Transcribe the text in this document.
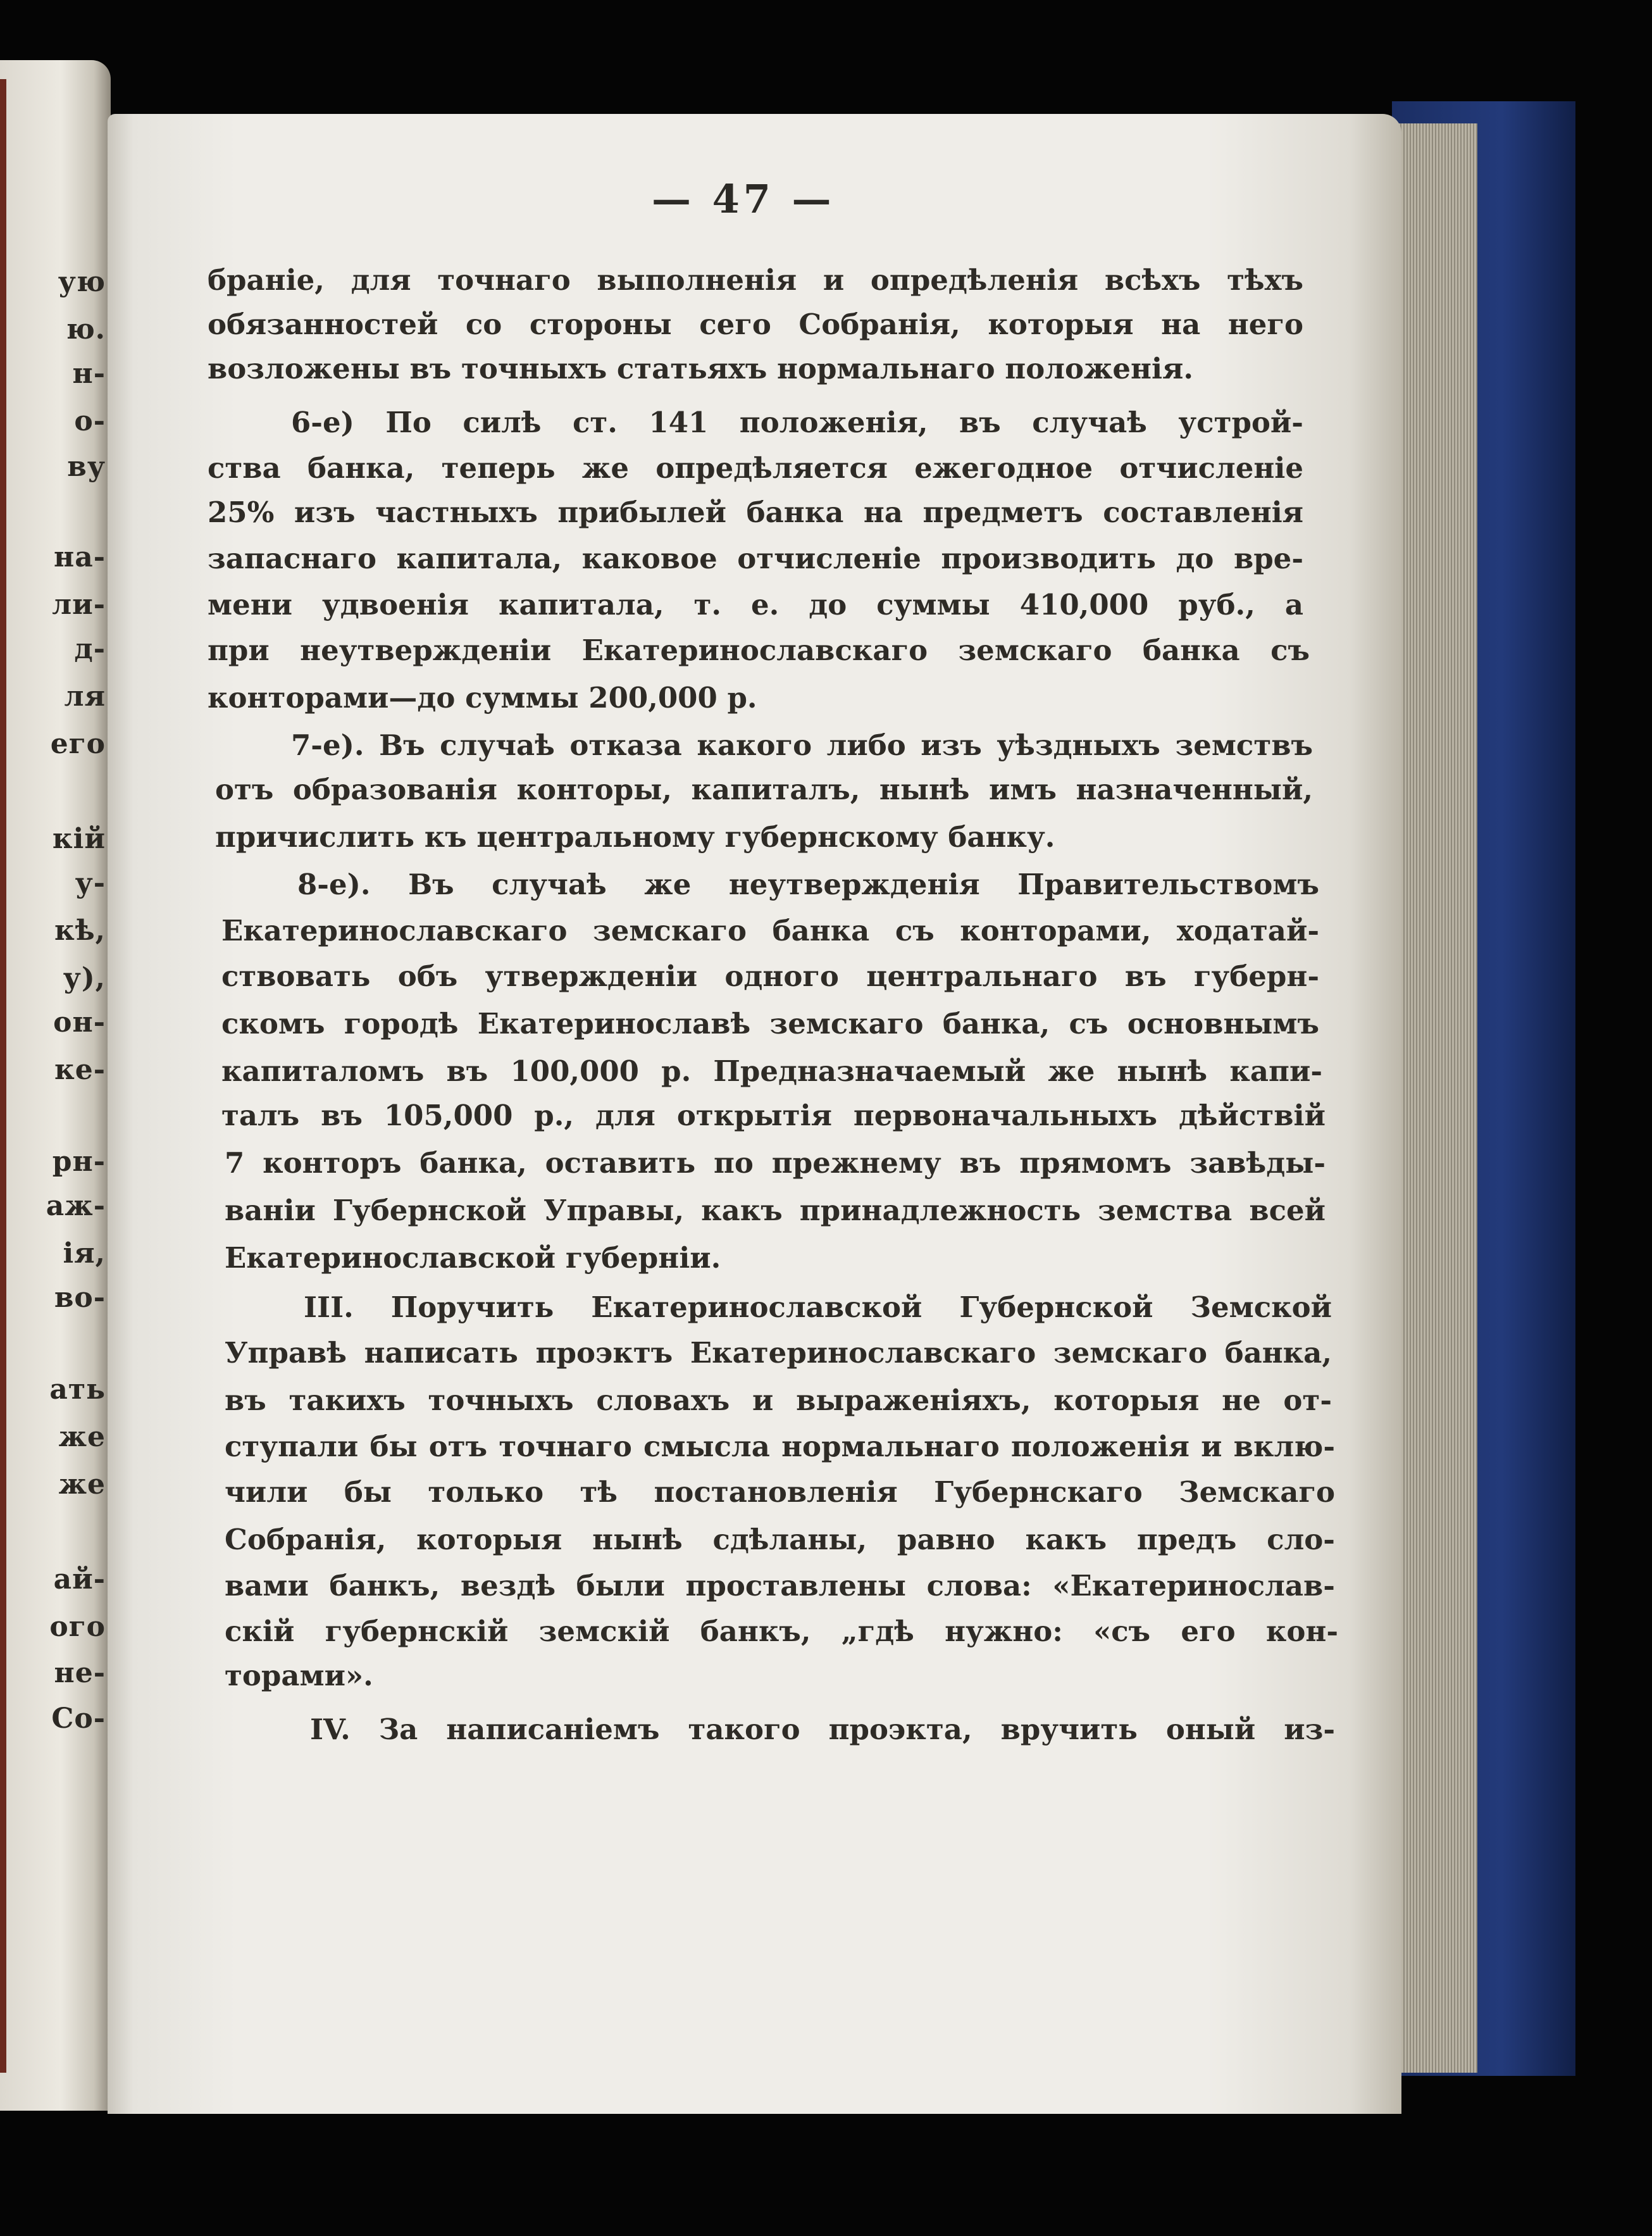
ую
ю.
н-
о-
ву
на-
ли-
д-
ля
его
кій
у-
кѣ,
у),
он-
ке-
рн-
аж-
ія,
во-
ать
же
же
ай-
ого
не-
Со-
— 47 —
браніе, для точнаго выполненія и опредѣленія всѣхъ тѣхъ
обязанностей со стороны сего Собранія, которыя на него
возложены въ точныхъ статьяхъ нормальнаго положенія.
6-е) По силѣ ст. 141 положенія, въ случаѣ устрой-
ства банка, теперь же опредѣляется ежегодное отчисленіе
25% изъ частныхъ прибылей банка на предметъ составленія
запаснаго капитала, каковое отчисленіе производить до вре-
мени удвоенія капитала, т. е. до суммы 410,000 руб., а
при неутвержденіи Екатеринославскаго земскаго банка съ
конторами—до суммы 200,000 р.
7-е). Въ случаѣ отказа какого либо изъ уѣздныхъ земствъ
отъ образованія конторы, капиталъ, нынѣ имъ назначенный,
причислить къ центральному губернскому банку.
8-е). Въ случаѣ же неутвержденія Правительствомъ
Екатеринославскаго земскаго банка съ конторами, ходатай-
ствовать объ утвержденіи одного центральнаго въ губерн-
скомъ городѣ Екатеринославѣ земскаго банка, съ основнымъ
капиталомъ въ 100,000 р. Предназначаемый же нынѣ капи-
талъ въ 105,000 р., для открытія первоначальныхъ дѣйствій
7 конторъ банка, оставить по прежнему въ прямомъ завѣды-
ваніи Губернской Управы, какъ принадлежность земства всей
Екатеринославской губерніи.
III. Поручить Екатеринославской Губернской Земской
Управѣ написать проэктъ Екатеринославскаго земскаго банка,
въ такихъ точныхъ словахъ и выраженіяхъ, которыя не от-
ступали бы отъ точнаго смысла нормальнаго положенія и вклю-
чили бы только тѣ постановленія Губернскаго Земскаго
Собранія, которыя нынѣ сдѣланы, равно какъ предъ сло-
вами банкъ, вездѣ были проставлены слова: «Екатеринослав-
скій губернскій земскій банкъ, „гдѣ нужно: «съ его кон-
торами».
IV. За написаніемъ такого проэкта, вручить оный из-
